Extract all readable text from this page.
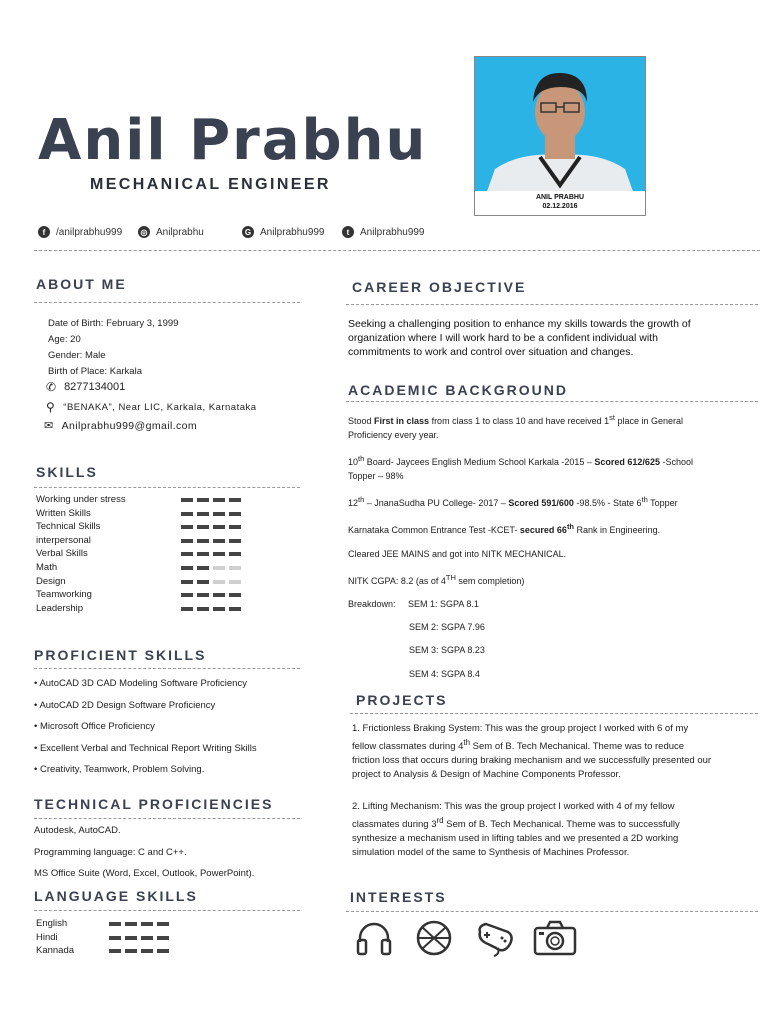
Anil Prabhu
MECHANICAL ENGINEER
ANIL PRABHU
02.12.2016
f	/anilprabhu999	◎ Anilprabhu	G Anilprabhu999	t	Anilprabhu999
ABOUT ME
Date of Birth: February 3, 1999
Age: 20
Gender: Male
Birth of Place: Karkala
✆ 8277134001
⚲ “BENAKA”, Near LIC, Karkala, Karnataka
✉ Anilprabhu999@gmail.com
SKILLS
Working under stress
Written Skills
Technical Skills
interpersonal
Verbal Skills
Math
Design
Teamworking
Leadership
PROFICIENT SKILLS
• AutoCAD 3D CAD Modeling Software Proficiency
• AutoCAD 2D Design Software Proficiency
• Microsoft Office Proficiency
• Excellent Verbal and Technical Report Writing Skills
• Creativity, Teamwork, Problem Solving.
TECHNICAL PROFICIENCIES
Autodesk, AutoCAD.
Programming language: C and C++.
MS Office Suite (Word, Excel, Outlook, PowerPoint).
LANGUAGE SKILLS
English
Hindi
Kannada
CAREER OBJECTIVE
Seeking a challenging position to enhance my skills towards the growth of organization where I will work hard to be a confident individual with commitments to work and control over situation and changes.
ACADEMIC BACKGROUND

Stood First in class from class 1 to class 10 and have received 1st place in General Proficiency every year.

10th Board- Jaycees English Medium School Karkala -2015 – Scored 612/625 -School Topper – 98%

12th – JnanaSudha PU College- 2017 – Scored 591/600 -98.5% - State 6th Topper

Karnataka Common Entrance Test -KCET- secured 66th Rank in Engineering.

Cleared JEE MAINS and got into NITK MECHANICAL.

NITK CGPA: 8.2 (as of 4TH sem completion)

Breakdown: SEM 1: SGPA 8.1
SEM 2: SGPA 7.96
SEM 3: SGPA 8.23
SEM 4: SGPA 8.4
PROJECTS
1. Frictionless Braking System: This was the group project I worked with 6 of my fellow classmates during 4th Sem of B. Tech Mechanical. Theme was to reduce friction loss that occurs during braking mechanism and we successfully presented our project to Analysis & Design of Machine Components Professor.
2. Lifting Mechanism: This was the group project I worked with 4 of my fellow classmates during 3rd Sem of B. Tech Mechanical. Theme was to successfully synthesize a mechanism used in lifting tables and we presented a 2D working simulation model of the same to Synthesis of Machines Professor.
INTERESTS
